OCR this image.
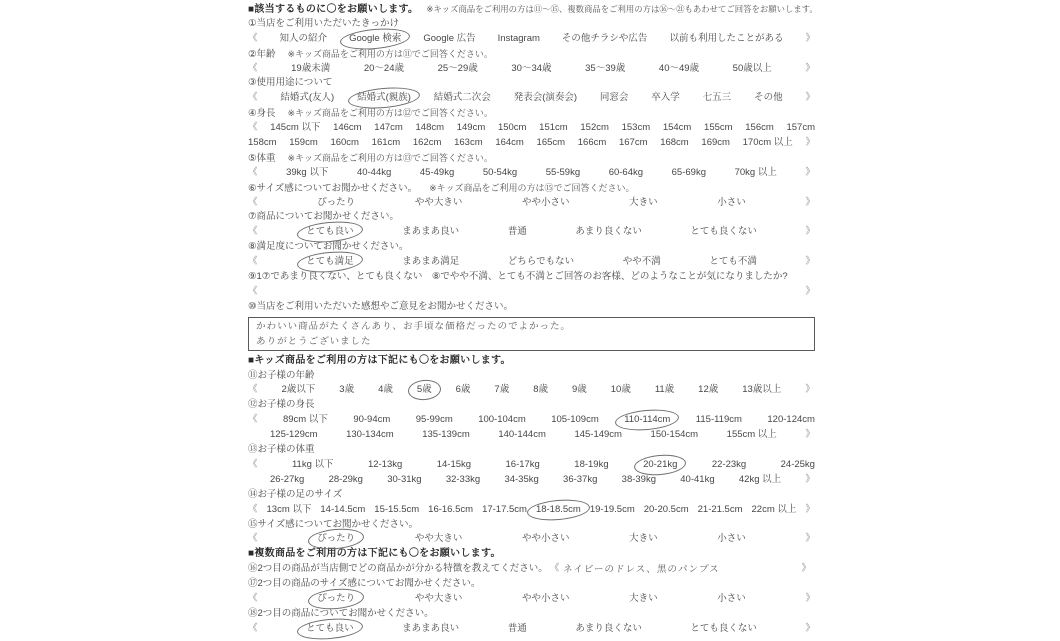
■該当するものに〇をお願いします。 ※キッズ商品をご利用の方は⑪〜⑮、複数商品をご利用の方は⑯〜㉑もあわせてご回答をお願いします。
①当店をご利用いただいたきっかけ
《 知人の紹介 Google 検索 Google 広告 Instagram その他チラシや広告 以前も利用したことがある 》
②年齢 ※キッズ商品をご利用の方は⑪でご回答ください。
《	19歳未満	20〜24歳	25〜29歳	30〜34歳	35〜39歳	40〜49歳	50歳以上	》
③使用用途について
《 結婚式(友人) 結婚式(親族) 結婚式二次会 発表会(演奏会) 同窓会 卒入学 七五三 その他 》
④身長 ※キッズ商品をご利用の方は⑫でご回答ください。
《 145cm 以下 146cm 147cm 148cm 149cm 150cm 151cm 152cm 153cm 154cm 155cm 156cm 157cm
158cm 159cm 160cm 161cm 162cm 163cm 164cm 165cm 166cm 167cm 168cm 169cm 170cm 以上 》
⑤体重 ※キッズ商品をご利用の方は⑬でご回答ください。
《	39kg 以下	40-44kg	45-49kg	50-54kg	55-59kg	60-64kg	65-69kg	70kg 以上	》
⑥サイズ感についてお聞かせください。 ※キッズ商品をご利用の方は⑮でご回答ください。
《	ぴったり	やや大きい	やや小さい	大きい	小さい	》
⑦商品についてお聞かせください。
《	とても良い	まあまあ良い	普通	あまり良くない	とても良くない	》
⑧満足度についてお聞かせください。
《	とても満足	まあまあ満足	どちらでもない	やや不満	とても不満	》
⑨1⑦であまり良くない、とても良くない　⑧でやや不満、とても不満とご回答のお客様、どのようなことが気になりましたか?
《	》
⑩当店をご利用いただいた感想やご意見をお聞かせください。
かわいい商品がたくさんあり、お手頃な価格だったのでよかった。
ありがとうございました
■キッズ商品をご利用の方は下記にも〇をお願いします。
⑪お子様の年齢
《	2歳以下	3歳	4歳	5歳	6歳	7歳	8歳	9歳	10歳	11歳	12歳	13歳以上	》
⑫お子様の身長
《	89cm 以下	90-94cm	95-99cm	100-104cm	105-109cm	110-114cm	115-119cm	120-124cm
125-129cm	130-134cm	135-139cm	140-144cm	145-149cm	150-154cm	155cm 以上	》
⑬お子様の体重
《	11kg 以下	12-13kg	14-15kg	16-17kg	18-19kg	20-21kg	22-23kg	24-25kg
26-27kg	28-29kg	30-31kg	32-33kg	34-35kg	36-37kg	38-39kg	40-41kg	42kg 以上	》
⑭お子様の足のサイズ
《 13cm 以下 14-14.5cm 15-15.5cm 16-16.5cm 17-17.5cm 18-18.5cm 19-19.5cm 20-20.5cm 21-21.5cm 22cm 以上 》
⑮サイズ感についてお聞かせください。
《	ぴったり	やや大きい	やや小さい	大きい	小さい	》
■複数商品をご利用の方は下記にも〇をお願いします。
⑯2つ目の商品が当店側でどの商品かが分かる特徴を教えてください。 《 ネイビーのドレス、黒のパンプス	》
⑰2つ目の商品のサイズ感についてお聞かせください。
《	ぴったり	やや大きい	やや小さい	大きい	小さい	》
⑱2つ目の商品についてお聞かせください。
《	とても良い	まあまあ良い	普通	あまり良くない	とても良くない	》
